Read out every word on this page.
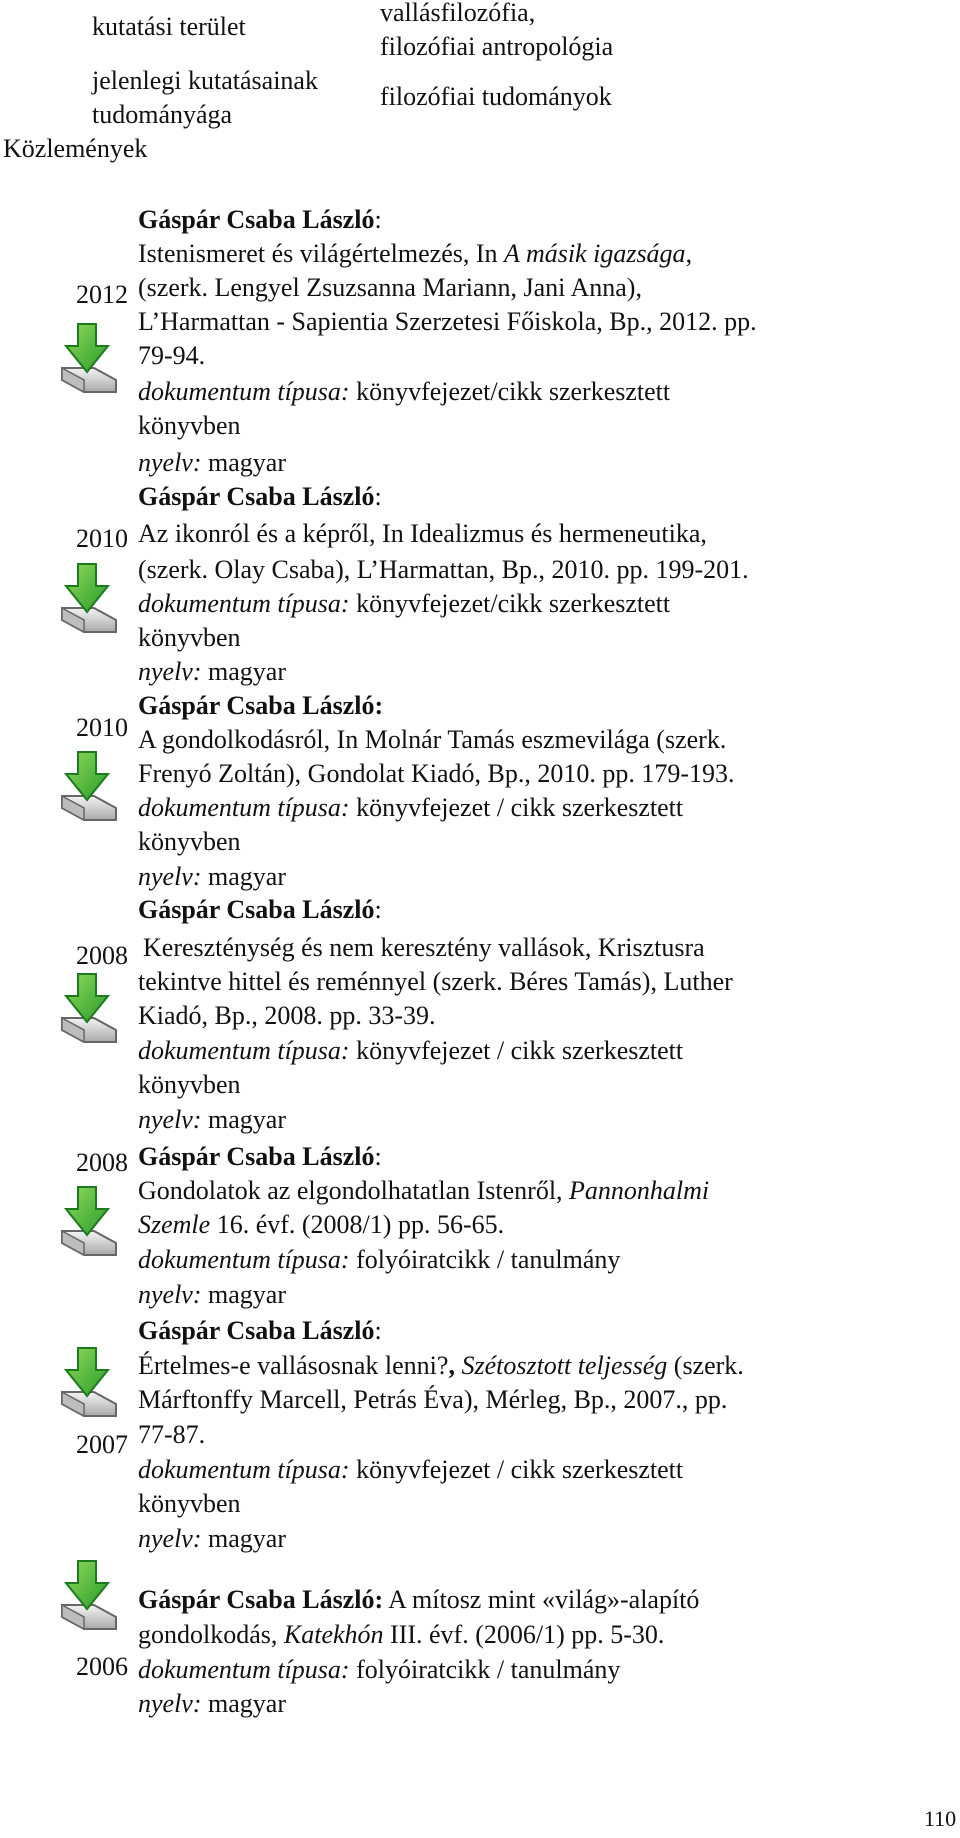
kutatási terület	vallásfilozófia,
filozófiai antropológia
jelenlegi kutatásainak
tudományága
filozófiai tudományok
Közlemények
Gáspár Csaba László:
Istenismeret és világértelmezés, In A másik igazsága,
2012 (szerk. Lengyel Zsuzsanna Mariann, Jani Anna),
L’Harmattan - Sapientia Szerzetesi Főiskola, Bp., 2012. pp.
79-94.
dokumentum típusa: könyvfejezet/cikk szerkesztett
könyvben
nyelv: magyar
Gáspár Csaba László:
2010 Az ikonról és a képről, In Idealizmus és hermeneutika,
(szerk. Olay Csaba), L’Harmattan, Bp., 2010. pp. 199-201.
dokumentum típusa: könyvfejezet/cikk szerkesztett
könyvben
nyelv: magyar
Gáspár Csaba László:
2010 A gondolkodásról, In Molnár Tamás eszmevilága (szerk.
Frenyó Zoltán), Gondolat Kiadó, Bp., 2010. pp. 179-193.
dokumentum típusa: könyvfejezet / cikk szerkesztett
könyvben
nyelv: magyar
Gáspár Csaba László:
2008 Kereszténység és nem keresztény vallások, Krisztusra
tekintve hittel és reménnyel (szerk. Béres Tamás), Luther
Kiadó, Bp., 2008. pp. 33-39.
dokumentum típusa: könyvfejezet / cikk szerkesztett
könyvben
nyelv: magyar
2008 Gáspár Csaba László:
Gondolatok az elgondolhatatlan Istenről, Pannonhalmi
Szemle 16. évf. (2008/1) pp. 56-65.
dokumentum típusa: folyóiratcikk / tanulmány
nyelv: magyar
Gáspár Csaba László:
Értelmes-e vallásosnak lenni?, Szétosztott teljesség (szerk.
Márftonffy Marcell, Petrás Éva), Mérleg, Bp., 2007., pp.
2007 77-87.
dokumentum típusa: könyvfejezet / cikk szerkesztett
könyvben
nyelv: magyar
Gáspár Csaba László: A mítosz mint «világ»-alapító
gondolkodás, Katekhón III. évf. (2006/1) pp. 5-30.
2006 dokumentum típusa: folyóiratcikk / tanulmány
nyelv: magyar
110
